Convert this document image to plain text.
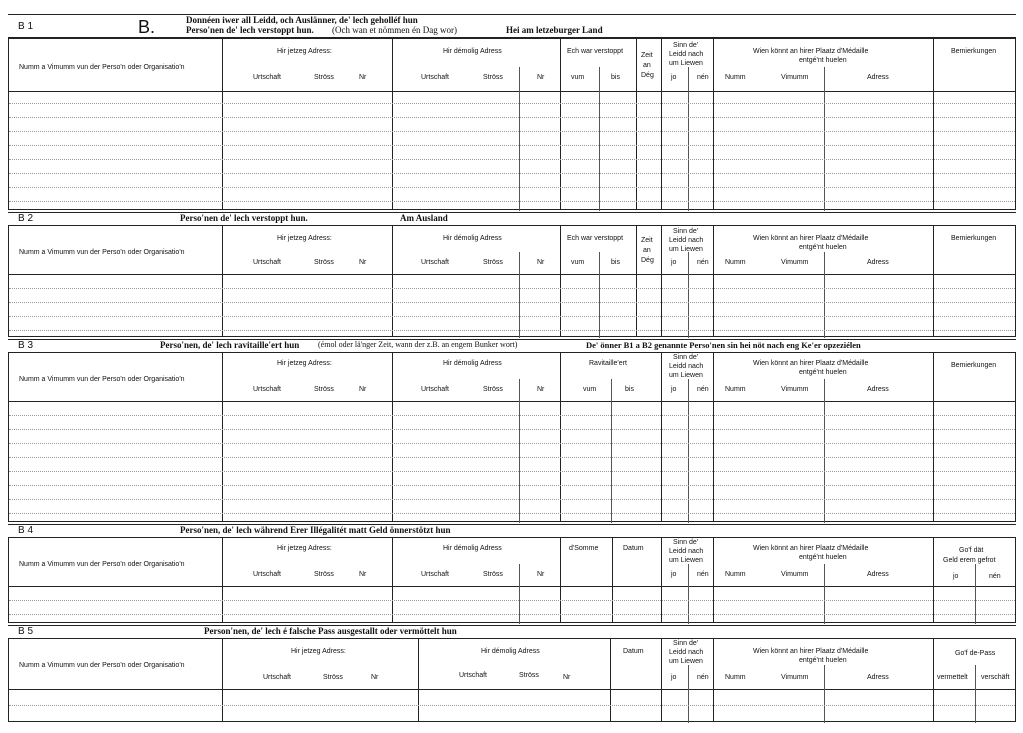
B 1	B.	Donnéen iwer all Leidd, och Auslänner, de' lech geholléf hun
Perso'nen de' lech verstoppt hun. (Och wan et nömmen én Dag wor)	Hei am letzeburger Land
Numm a Vimumm vun der Perso'n oder Organisatio'n
Hir jetzeg Adress:
Urtschaft	Ströss	Nr
Hir démolig Adress
Urtschaft	Ströss	Nr
Ech war verstoppt
vum	bis
Zeit
an
Dég
Sinn de'
Leidd nach
um Liewen
jo	nén
Wien könnt an hirer Plaatz d'Médaille
entgé'nt huelen
Numm	Vimumm	Adress
Bemierkungen
B 2	Perso'nen de' lech verstoppt hun.	Am Ausland
Numm a Vimumm vun der Perso'n oder Organisatio'n
Hir jetzeg Adress:
Urtschaft	Ströss	Nr
Hir démolig Adress
Urtschaft	Ströss	Nr
Ech war verstoppt
vum	bis
Zeit
an
Dég
Sinn de'
Leidd nach
um Liewen
jo	nén
Wien könnt an hirer Plaatz d'Médaille
entgé'nt huelen
Numm	Vimumm	Adress
Bemierkungen
B 3	Perso'nen, de' lech ravitaille'ert hun (émol oder lä'nger Zeit, wann der z.B. an engem Bunker wort)	De' önner B1 a B2 genannte Perso'nen sin hei nöt nach eng Ke'er opzeziélen
Numm a Vimumm vun der Perso'n oder Organisatio'n
Hir jetzeg Adress:
Urtschaft	Ströss	Nr
Hir démolig Adress
Urtschaft	Ströss	Nr
Ravitaille'ert
vum	bis
Sinn de'
Leidd nach
um Liewen
jo	nén
Wien könnt an hirer Plaatz d'Médaille
entgé'nt huelen
Numm	Vimumm	Adress
Bemierkungen
B 4	Perso'nen, de' lech während Erer Illégalitét matt Geld önnerstötzt hun
Numm a Vimumm vun der Perso'n oder Organisatio'n
Hir jetzeg Adress:
Urtschaft	Ströss	Nr
Hir démolig Adress
Urtschaft	Ströss	Nr
d'Somme	Datum
Sinn de'
Leidd nach
um Liewen
jo	nén
Wien könnt an hirer Plaatz d'Médaille
entgé'nt huelen
Numm	Vimumm	Adress
Go'f dät
Geld erem gefrot
jo	nén
B 5	Person'nen, de' lech é falsche Pass ausgestallt oder vermöttelt hun
Numm a Vimumm vun der Perso'n oder Organisatio'n
Hir jetzeg Adress:
Urtschaft	Ströss	Nr
Hir démolig Adress
Urtschaft	Ströss	Nr
Datum
Sinn de'
Leidd nach
um Liewen
jo	nén
Wien könnt an hirer Plaatz d'Médaille
entgé'nt huelen
Numm	Vimumm	Adress
Go'f de-Pass
vermettelt verschäft
